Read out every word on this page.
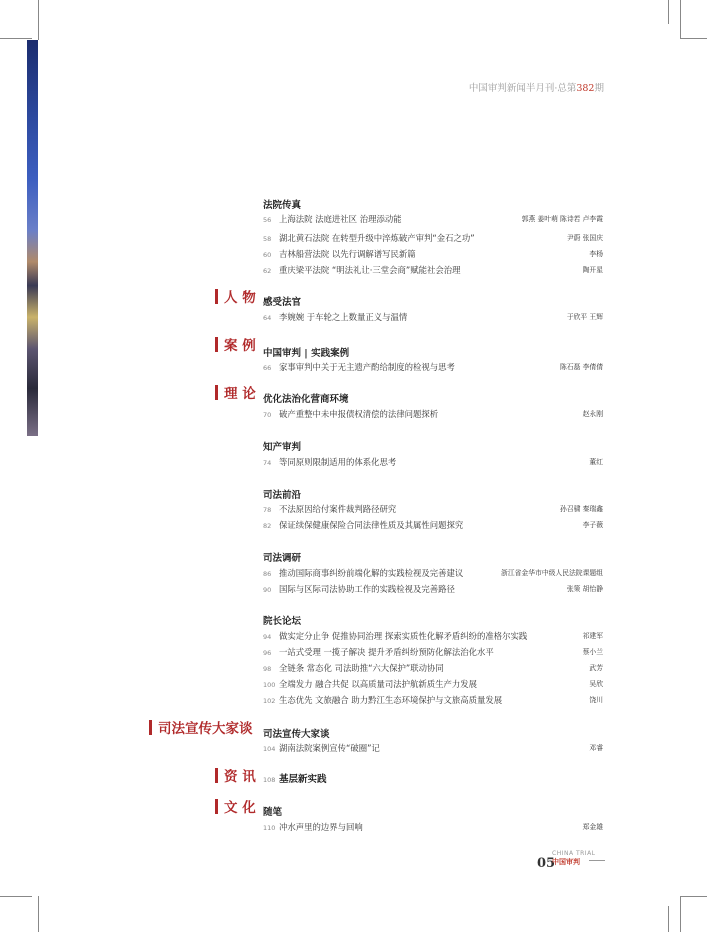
中国审判新闻半月刊·总第382期
人 物
案 例
理 论
司法宣传大家谈
资 讯
文 化
法院传真
56 上海法院 法庭进社区 治理添动能	郭燕 姜叶萌 陈诗若 卢李霞
58 湖北黄石法院 在转型升级中淬炼破产审判“金石之功”	尹蔚 张国庆
60 吉林船营法院 以先行调解谱写民新篇	李杨
62 重庆梁平法院 “明法礼让·三堂会商”赋能社会治理	陶开星
感受法官
64 李婉婉 于车轮之上数量正义与温情	于欣平 王辉
中国审判 | 实践案例
66 家事审判中关于无主遗产酌给制度的检视与思考	陈石磊 李倩倩
优化法治化营商环境
70 破产重整中未申报债权清偿的法律问题探析	赵永刚
知产审判
74 等同原则限制适用的体系化思考	董红
司法前沿
78 不法原因给付案件裁判路径研究	孙召骕 秦瑞鑫
82 保证续保健康保险合同法律性质及其属性问题探究	李子薇
司法调研
86 推动国际商事纠纷前端化解的实践检视及完善建议	浙江省金华市中级人民法院课题组
90 国际与区际司法协助工作的实践检视及完善路径	张策 胡怡静
院长论坛
94 做实定分止争 促推协同治理 探索实质性化解矛盾纠纷的准格尔实践	祁建军
96 一站式受理 一揽子解决 提升矛盾纠纷预防化解法治化水平	蔡小兰
98 全链条 常态化 司法助推“六大保护”联动协同	武芳
100 全端发力 融合共促 以高质量司法护航新质生产力发展	吴欣
102 生态优先 文旅融合 助力黔江生态环境保护与文旅高质量发展	饶川
司法宣传大家谈
104 湖南法院案例宣传“破圈”记	邓睿
108 基层新实践
随笔
110 冲水声里的边界与回响	郑金雄
05
CHINA TRIAL
中国审判
